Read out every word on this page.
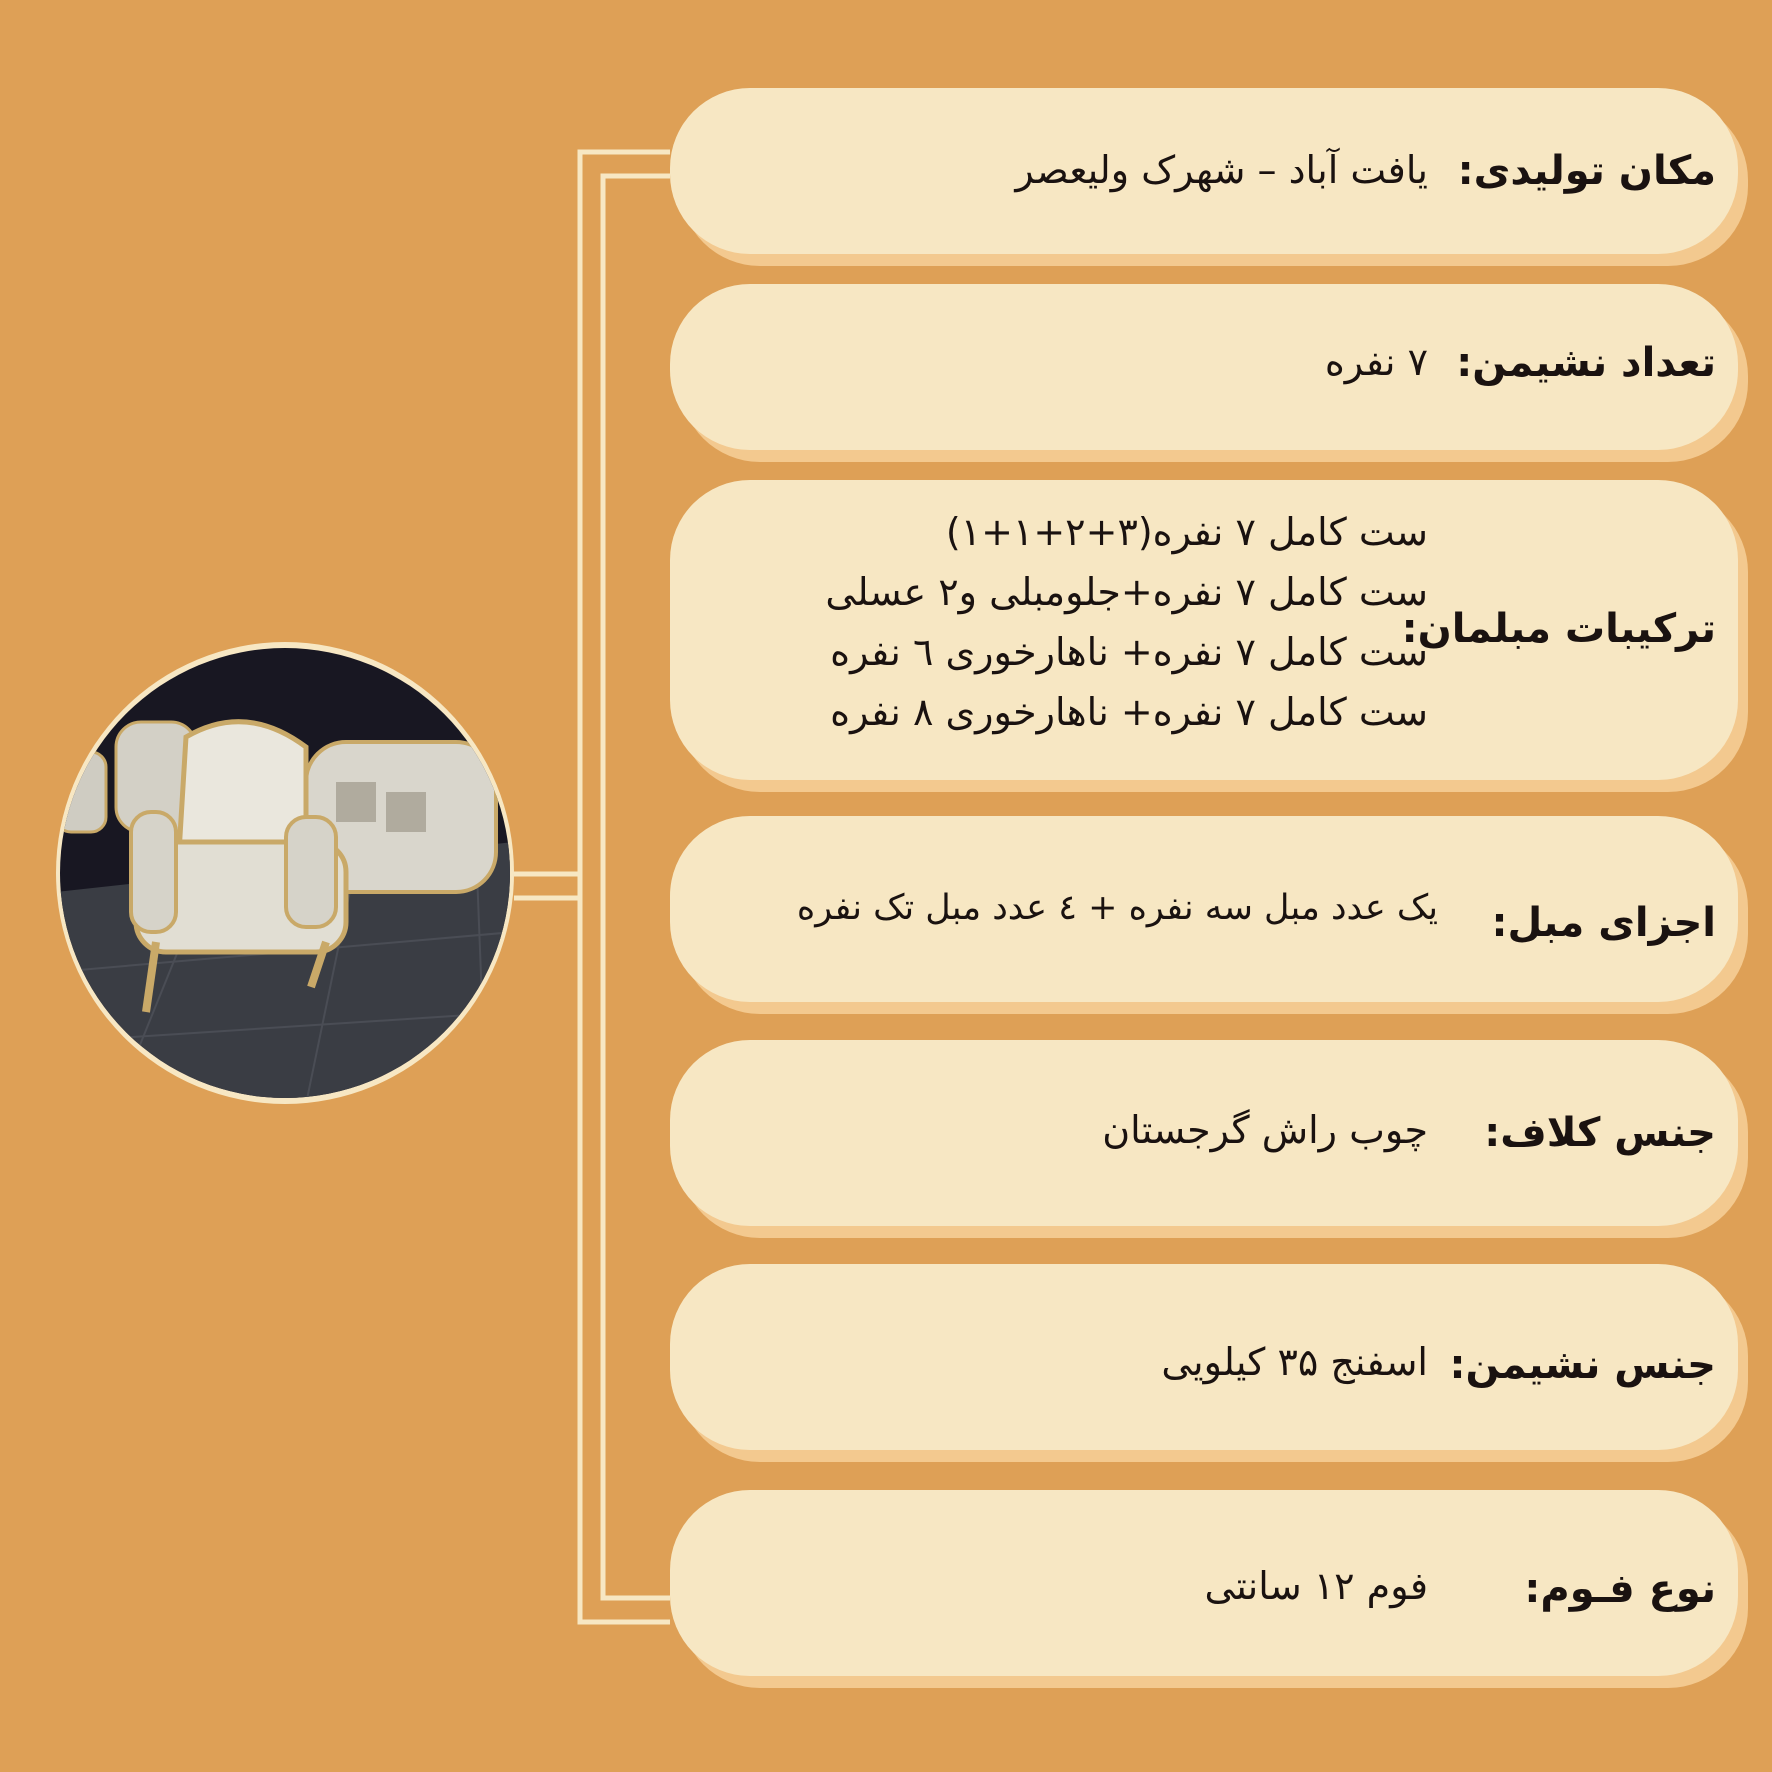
مکان تولیدی:
یافت آباد – شهرک ولیعصر
تعداد نشیمن:
۷ نفره
ترکیبات مبلمان:
ست کامل ۷ نفره(۳+۲+۱+۱)
ست کامل ۷ نفره+جلومبلی و۲ عسلی
ست کامل ۷ نفره+ ناهارخوری ٦ نفره
ست کامل ۷ نفره+ ناهارخوری ۸ نفره
اجزای مبل:
یک عدد مبل سه نفره + ٤ عدد مبل تک نفره
جنس کلاف:
چوب راش گرجستان
جنس نشیمن:
اسفنج ۳۵ کیلویی
نوع فـوم:
فوم ۱۲ سانتی
